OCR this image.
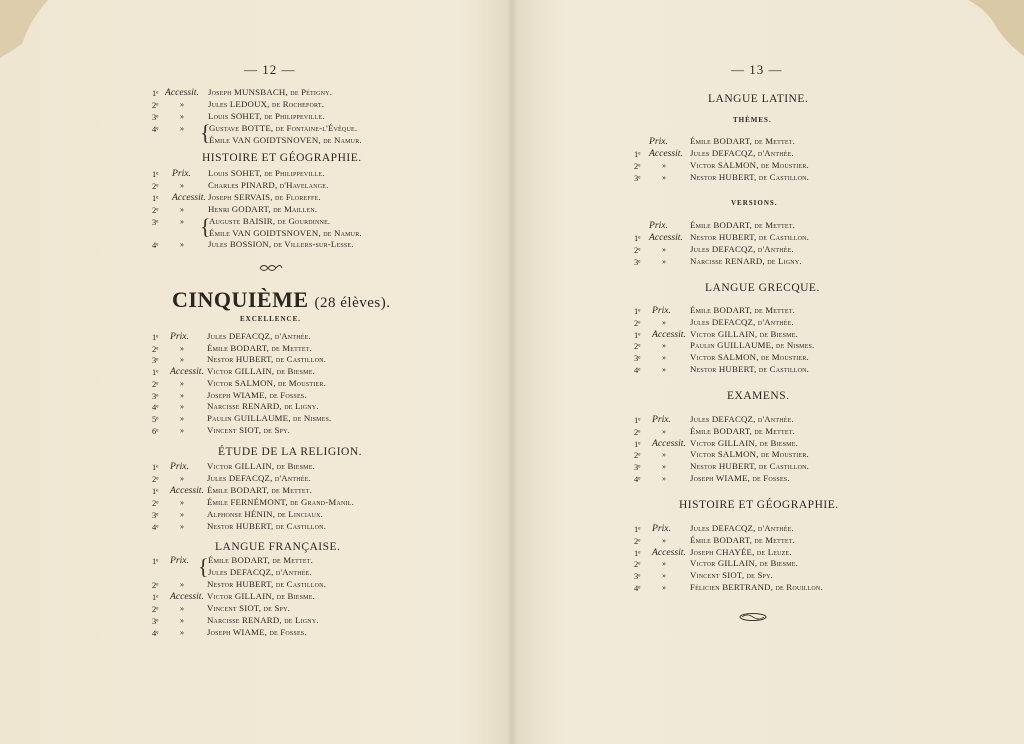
— 12 —
1ᵉ Accessit. Joseph MUNSBACH, de Pétigny.
2ᵉ	»	Jules LEDOUX, de Rochefort.
3ᵉ	»	Louis SOHET, de Philippeville.
4ᵉ	»	Gustave BOTTE, de Fontaine-l'Évêque.
Émile VAN GOIDTSNOVEN, de Namur.
HISTOIRE ET GÉOGRAPHIE.
1ᵉ Prix. Louis SOHET, de Philippeville.
2ᵉ	»	Charles PINARD, d'Havelange.
1ᵉ Accessit. Joseph SERVAIS, de Floreffe.
2ᵉ	»	Henri GODART, de Maillen.
3ᵉ	»	Auguste BAISIR, de Gourdinne.
Émile VAN GOIDTSNOVEN, de Namur.
4ᵉ	»	Jules BOSSION, de Villers-sur-Lesse.
CINQUIÈME (28 élèves).
EXCELLENCE.
1ᵉ Prix. Jules DEFACQZ, d'Anthée.
2ᵉ	»	Émile BODART, de Mettet.
3ᵉ	»	Nestor HUBERT, de Castillon.
1ᵉ Accessit. Victor GILLAIN, de Biesme.
2ᵉ	»	Victor SALMON, de Moustier.
3ᵉ	»	Joseph WIAME, de Fosses.
4ᵉ	»	Narcisse RENARD, de Ligny.
5ᵉ	»	Paulin GUILLAUME, de Nismes.
6ᵉ	»	Vincent SIOT, de Spy.
ÉTUDE DE LA RELIGION.
1ᵉ Prix. Victor GILLAIN, de Biesme.
2ᵉ	»	Jules DEFACQZ, d'Anthée.
1ᵉ Accessit. Émile BODART, de Mettet.
2ᵉ	»	Émile FERNÉMONT, de Grand-Manil.
3ᵉ	»	Alphonse HÉNIN, de Linciaux.
4ᵉ	»	Nestor HUBERT, de Castillon.
LANGUE FRANÇAISE.
1ᵉ Prix. Émile BODART, de Mettet.
Jules DEFACQZ, d'Anthée.
2ᵉ	»	Nestor HUBERT, de Castillon.
1ᵉ Accessit. Victor GILLAIN, de Biesme.
2ᵉ	»	Vincent SIOT, de Spy.
3ᵉ	»	Narcisse RENARD, de Ligny.
4ᵉ	»	Joseph WIAME, de Fosses.
{
{
{
— 13 —
LANGUE LATINE.
THÈMES.
Prix.	Émile BODART, de Mettet.
1ᵉ Accessit. Jules DEFACQZ, d'Anthée.
2ᵉ	»	Victor SALMON, de Moustier.
3ᵉ	»	Nestor HUBERT, de Castillon.
VERSIONS.
Prix.	Émile BODART, de Mettet.
1ᵉ Accessit. Nestor HUBERT, de Castillon.
2ᵉ	»	Jules DEFACQZ, d'Anthée.
3ᵉ	»	Narcisse RENARD, de Ligny.
LANGUE GRECQUE.
1ᵉ Prix. Émile BODART, de Mettet.
2ᵉ	»	Jules DEFACQZ, d'Anthée.
1ᵉ Accessit. Victor GILLAIN, de Biesme.
2ᵉ	»	Paulin GUILLAUME, de Nismes.
3ᵉ	»	Victor SALMON, de Moustier.
4ᵉ	»	Nestor HUBERT, de Castillon.
EXAMENS.
1ᵉ Prix. Jules DEFACQZ, d'Anthée.
2ᵉ	»	Émile BODART, de Mettet.
1ᵉ Accessit. Victor GILLAIN, de Biesme.
2ᵉ	»	Victor SALMON, de Moustier.
3ᵉ	»	Nestor HUBERT, de Castillon.
4ᵉ	»	Joseph WIAME, de Fosses.
HISTOIRE ET GÉOGRAPHIE.
1ᵉ Prix. Jules DEFACQZ, d'Anthée.
2ᵉ	»	Émile BODART, de Mettet.
1ᵉ Accessit. Joseph CHAYÉE, de Leuze.
2ᵉ	»	Victor GILLAIN, de Biesme.
3ᵉ	»	Vincent SIOT, de Spy.
4ᵉ	»	Félicien BERTRAND, de Rouillon.
